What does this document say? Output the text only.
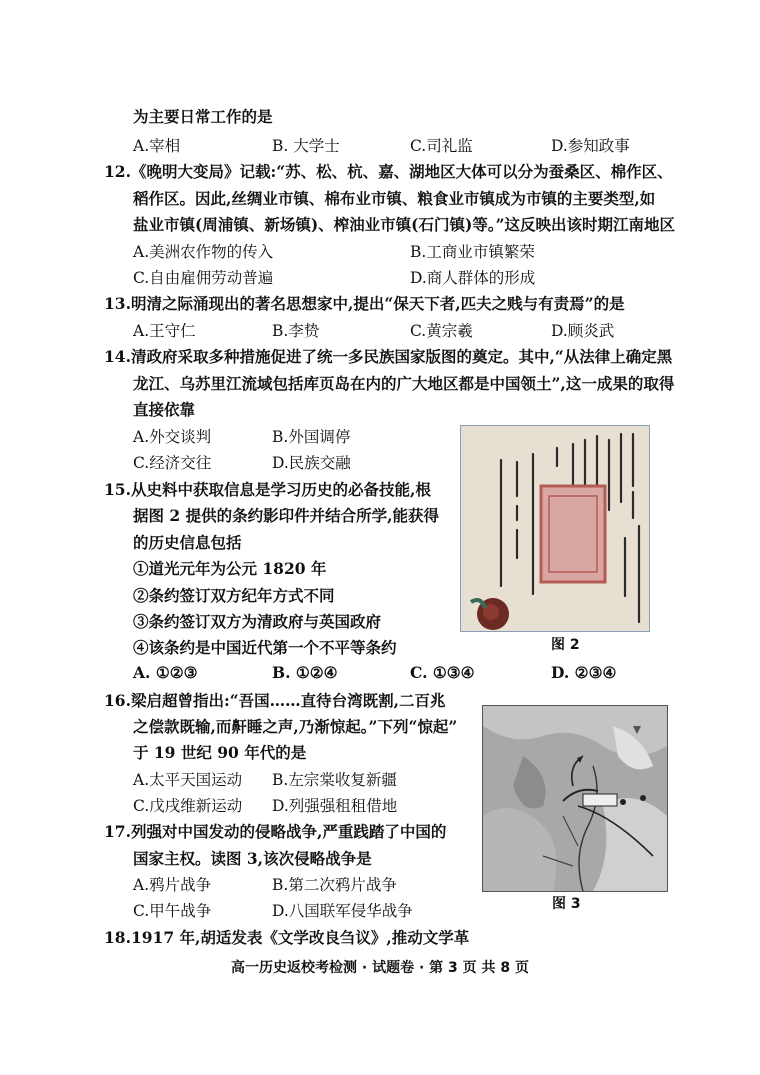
为主要日常工作的是
A.宰相	B. 大学士	C.司礼监	D.参知政事
12.《晚明大变局》记载:“苏、松、杭、嘉、湖地区大体可以分为蚕桑区、棉作区、
稻作区。因此,丝绸业市镇、棉布业市镇、粮食业市镇成为市镇的主要类型,如
盐业市镇(周浦镇、新场镇)、榨油业市镇(石门镇)等。”这反映出该时期江南地区
A.美洲农作物的传入	B.工商业市镇繁荣
C.自由雇佣劳动普遍	D.商人群体的形成
13.明清之际涌现出的著名思想家中,提出“保天下者,匹夫之贱与有责焉”的是
A.王守仁	B.李贽	C.黄宗羲	D.顾炎武
14.清政府采取多种措施促进了统一多民族国家版图的奠定。其中,“从法律上确定黑
龙江、乌苏里江流域包括库页岛在内的广大地区都是中国领土”,这一成果的取得
直接依靠
A.外交谈判	B.外国调停
C.经济交往	D.民族交融
图 2
15.从史料中获取信息是学习历史的必备技能,根
据图 2 提供的条约影印件并结合所学,能获得
的历史信息包括
①道光元年为公元 1820 年
②条约签订双方纪年方式不同
③条约签订双方为清政府与英国政府
④该条约是中国近代第一个不平等条约
A. ①②③	B. ①②④	C. ①③④	D. ②③④
图 3
16.梁启超曾指出:“吾国……直待台湾既割,二百兆
之偿款既输,而鼾睡之声,乃渐惊起。”下列“惊起”
于 19 世纪 90 年代的是
A.太平天国运动 B.左宗棠收复新疆
C.戊戌维新运动 D.列强强租租借地
17.列强对中国发动的侵略战争,严重践踏了中国的
国家主权。读图 3,该次侵略战争是
A.鸦片战争	B.第二次鸦片战争
C.甲午战争	D.八国联军侵华战争
18.1917 年,胡适发表《文学改良刍议》,推动文学革
高一历史返校考检测 · 试题卷 · 第 3 页 共 8 页
